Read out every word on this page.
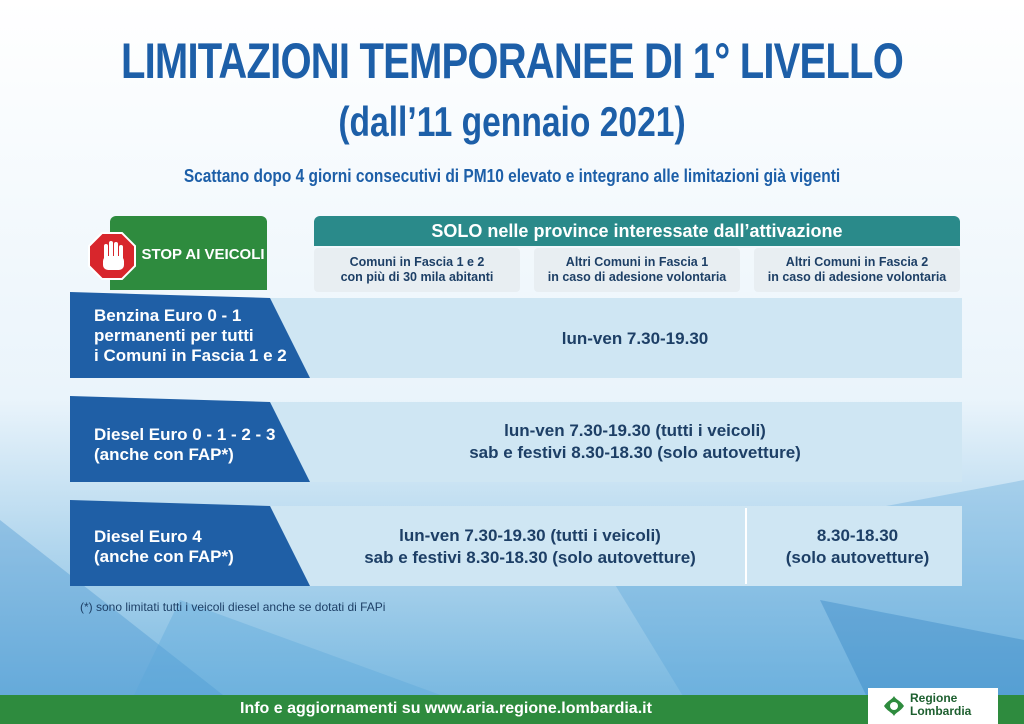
LIMITAZIONI TEMPORANEE DI 1° LIVELLO
(dall’11 gennaio 2021)
Scattano dopo 4 giorni consecutivi di PM10 elevato e integrano alle limitazioni già vigenti
STOP AI VEICOLI
SOLO nelle province interessate dall’attivazione
Comuni in Fascia 1 e 2
con più di 30 mila abitanti
Altri Comuni in Fascia 1
in caso di adesione volontaria
Altri Comuni in Fascia 2
in caso di adesione volontaria
Benzina Euro 0 - 1
permanenti per tutti
i Comuni in Fascia 1 e 2
lun-ven 7.30-19.30
Diesel Euro 0 - 1 - 2 - 3
(anche con FAP*)
lun-ven 7.30-19.30 (tutti i veicoli)
sab e festivi 8.30-18.30 (solo autovetture)
Diesel Euro 4
(anche con FAP*)
lun-ven 7.30-19.30 (tutti i veicoli)
sab e festivi 8.30-18.30 (solo autovetture)
8.30-18.30
(solo autovetture)
(*) sono limitati tutti i veicoli diesel anche se dotati di FAPi
Info e aggiornamenti su www.aria.regione.lombardia.it
Regione
Lombardia
